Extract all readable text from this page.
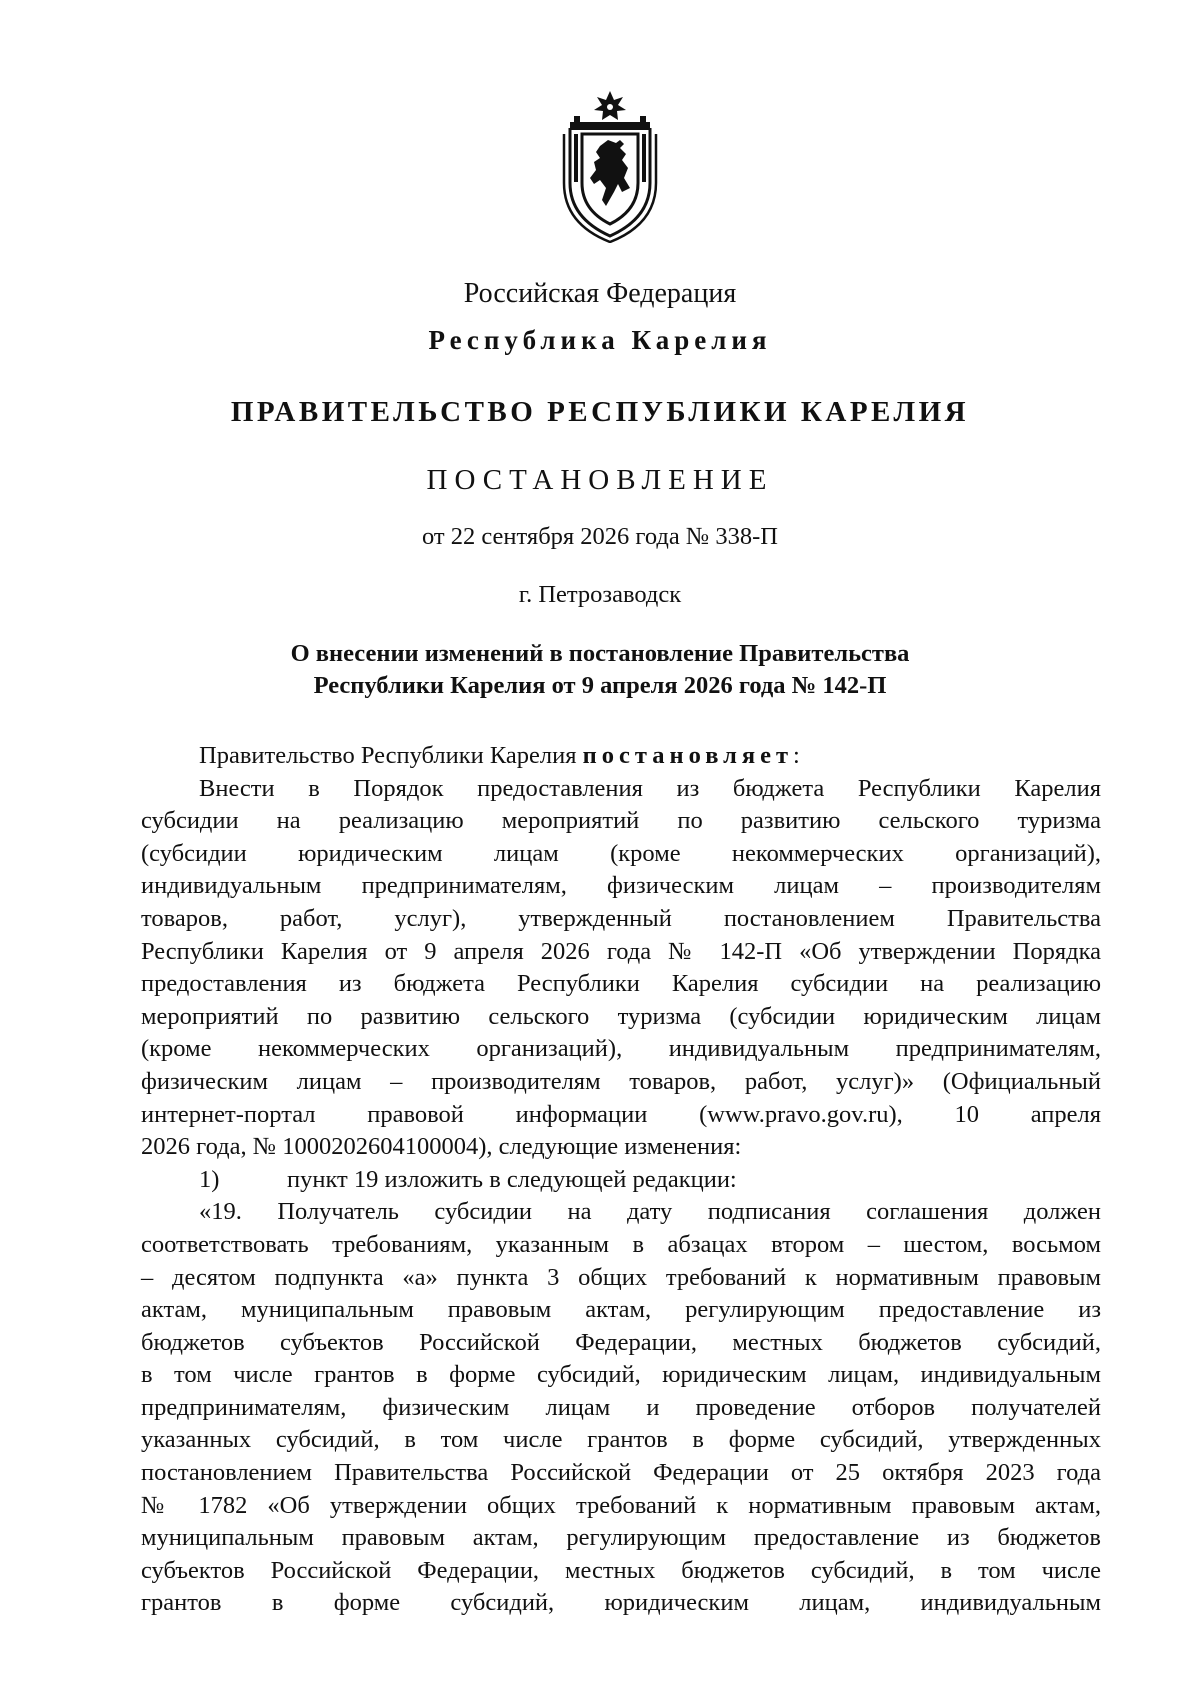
Российская Федерация
Республика Карелия
ПРАВИТЕЛЬСТВО РЕСПУБЛИКИ КАРЕЛИЯ
ПОСТАНОВЛЕНИЕ
от 22 сентября 2026 года № 338-П
г. Петрозаводск
О внесении изменений в постановление Правительства
Республики Карелия от 9 апреля 2026 года № 142-П

Правительство Республики Карелия постановляет:

Внести в Порядок предоставления из бюджета Республики Карелия

субсидии на реализацию мероприятий по развитию сельского туризма

(субсидии юридическим лицам (кроме некоммерческих организаций),

индивидуальным предпринимателям, физическим лицам – производителям

товаров, работ, услуг), утвержденный постановлением Правительства

Республики Карелия от 9 апреля 2026 года № 142-П «Об утверждении Порядка

предоставления из бюджета Республики Карелия субсидии на реализацию

мероприятий по развитию сельского туризма (субсидии юридическим лицам

(кроме некоммерческих организаций), индивидуальным предпринимателям,

физическим лицам – производителям товаров, работ, услуг)» (Официальный

интернет-портал правовой информации (www.pravo.gov.ru), 10 апреля

2026 года, № 1000202604100004), следующие изменения:

1)	пункт 19 изложить в следующей редакции:

«19. Получатель субсидии на дату подписания соглашения должен

соответствовать требованиям, указанным в абзацах втором – шестом, восьмом

– десятом подпункта «а» пункта 3 общих требований к нормативным правовым

актам, муниципальным правовым актам, регулирующим предоставление из

бюджетов субъектов Российской Федерации, местных бюджетов субсидий,

в том числе грантов в форме субсидий, юридическим лицам, индивидуальным

предпринимателям, физическим лицам и проведение отборов получателей

указанных субсидий, в том числе грантов в форме субсидий, утвержденных

постановлением Правительства Российской Федерации от 25 октября 2023 года

№ 1782 «Об утверждении общих требований к нормативным правовым актам,

муниципальным правовым актам, регулирующим предоставление из бюджетов

субъектов Российской Федерации, местных бюджетов субсидий, в том числе

грантов в форме субсидий, юридическим лицам, индивидуальным
